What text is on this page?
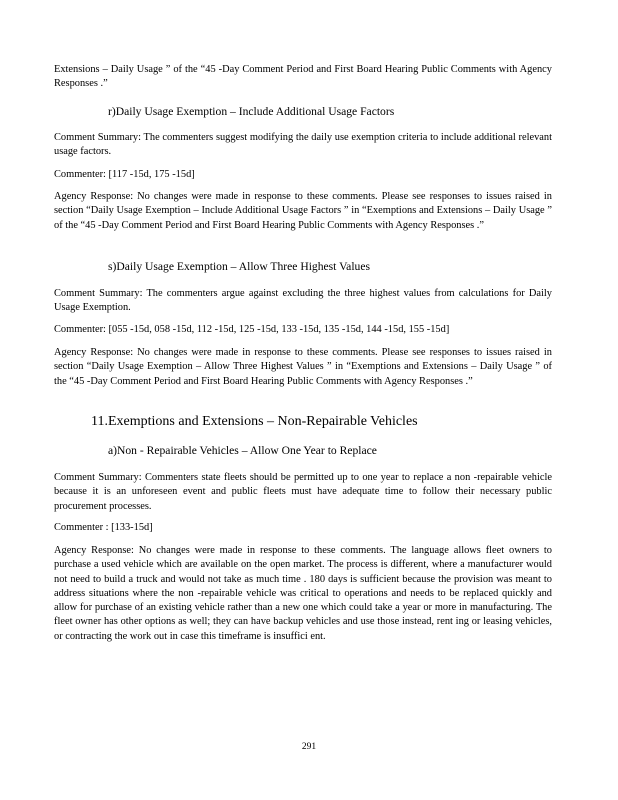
Extensions – Daily Usage ” of the “45 -Day Comment Period and First Board Hearing Public Comments with Agency Responses .”

r)Daily Usage Exemption – Include Additional Usage Factors

Comment Summary: The commenters suggest modifying the daily use exemption criteria to include additional relevant usage factors.

Commenter: [117 -15d, 175 -15d]

Agency Response: No changes were made in response to these comments. Please see responses to issues raised in section “Daily Usage Exemption – Include Additional Usage Factors ” in “Exemptions and Extensions – Daily Usage ” of the “45 -Day Comment Period and First Board Hearing Public Comments with Agency Responses .”

s)Daily Usage Exemption – Allow Three Highest Values

Comment Summary: The commenters argue against excluding the three highest values from calculations for Daily Usage Exemption.

Commenter: [055 -15d, 058 -15d, 112 -15d, 125 -15d, 133 -15d, 135 -15d, 144 -15d, 155 -15d]

Agency Response: No changes were made in response to these comments. Please see responses to issues raised in section “Daily Usage Exemption – Allow Three Highest Values ” in “Exemptions and Extensions – Daily Usage ” of the “45 -Day Comment Period and First Board Hearing Public Comments with Agency Responses .”

11.Exemptions and Extensions – Non-Repairable Vehicles

a)Non - Repairable Vehicles – Allow One Year to Replace

Comment Summary: Commenters state fleets should be permitted up to one year to replace a non -repairable vehicle because it is an unforeseen event and public fleets must have adequate time to follow their necessary public procurement processes.

Commenter : [133-15d]

Agency Response: No changes were made in response to these comments. The language allows fleet owners to purchase a used vehicle which are available on the open market. The process is different, where a manufacturer would not need to build a truck and would not take as much time . 180 days is sufficient because the provision was meant to address situations where the non -repairable vehicle was critical to operations and needs to be replaced quickly and allow for purchase of an existing vehicle rather than a new one which could take a year or more in manufacturing. The fleet owner has other options as well; they can have backup vehicles and use those instead, rent ing or leasing vehicles, or contracting the work out in case this timeframe is insuffici ent.

291
